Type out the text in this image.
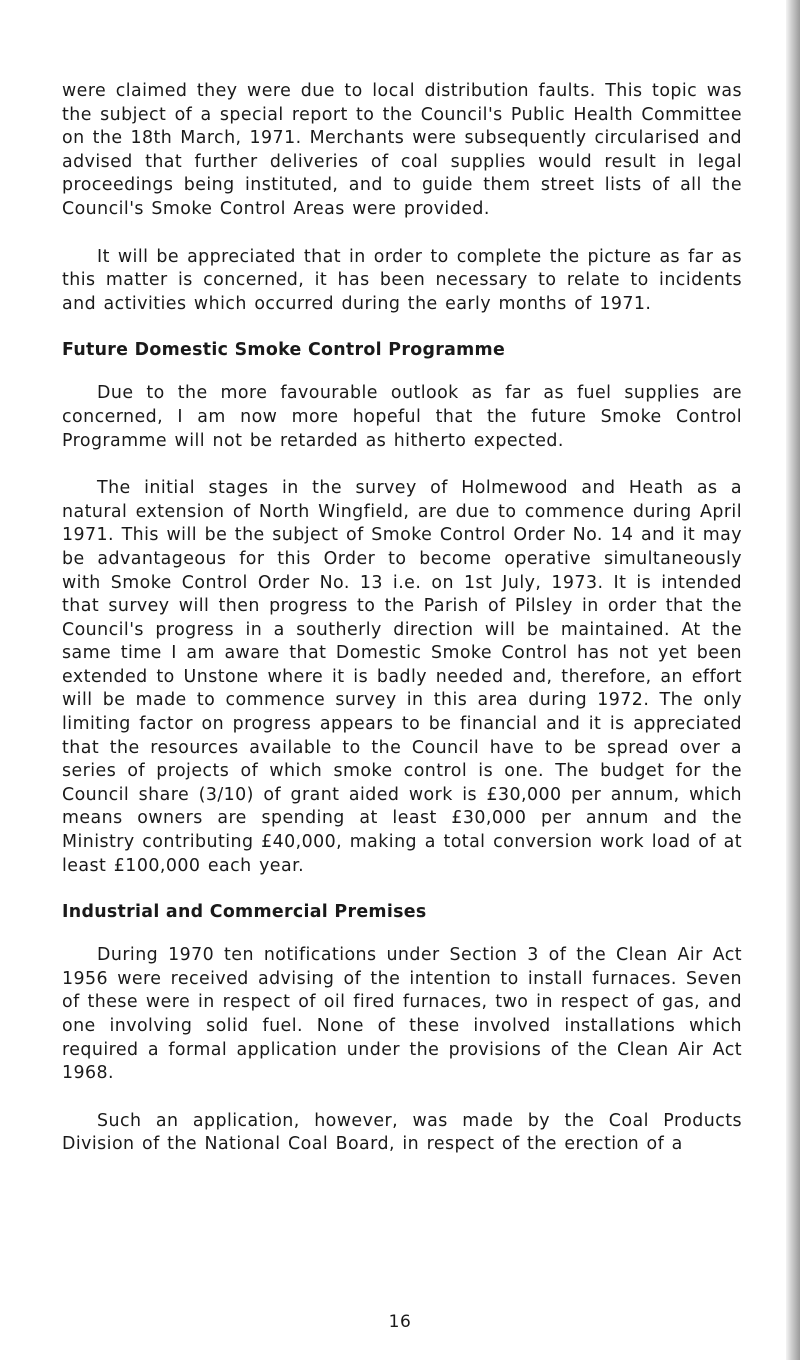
were claimed they were due to local distribution faults. This topic was the subject of a special report to the Council's Public Health Committee on the 18th March, 1971. Merchants were subsequently circularised and advised that further deliveries of coal supplies would result in legal proceedings being instituted, and to guide them street lists of all the Council's Smoke Control Areas were provided.

It will be appreciated that in order to complete the picture as far as this matter is concerned, it has been necessary to relate to incidents and activities which occurred during the early months of 1971.

Future Domestic Smoke Control Programme

Due to the more favourable outlook as far as fuel supplies are concerned, I am now more hopeful that the future Smoke Control Programme will not be retarded as hitherto expected.

The initial stages in the survey of Holmewood and Heath as a natural extension of North Wingfield, are due to commence during April 1971. This will be the subject of Smoke Control Order No. 14 and it may be advantageous for this Order to become operative simultaneously with Smoke Control Order No. 13 i.e. on 1st July, 1973. It is intended that survey will then progress to the Parish of Pilsley in order that the Council's progress in a southerly direction will be maintained. At the same time I am aware that Domestic Smoke Control has not yet been extended to Unstone where it is badly needed and, therefore, an effort will be made to commence survey in this area during 1972. The only limiting factor on progress appears to be financial and it is appreciated that the resources available to the Council have to be spread over a series of projects of which smoke control is one. The budget for the Council share (3/10) of grant aided work is £30,000 per annum, which means owners are spending at least £30,000 per annum and the Ministry contributing £40,000, making a total conversion work load of at least £100,000 each year.

Industrial and Commercial Premises

During 1970 ten notifications under Section 3 of the Clean Air Act 1956 were received advising of the intention to install furnaces. Seven of these were in respect of oil fired furnaces, two in respect of gas, and one involving solid fuel. None of these involved installations which required a formal application under the provisions of the Clean Air Act 1968.

Such an application, however, was made by the Coal Products Division of the National Coal Board, in respect of the erection of a

16
